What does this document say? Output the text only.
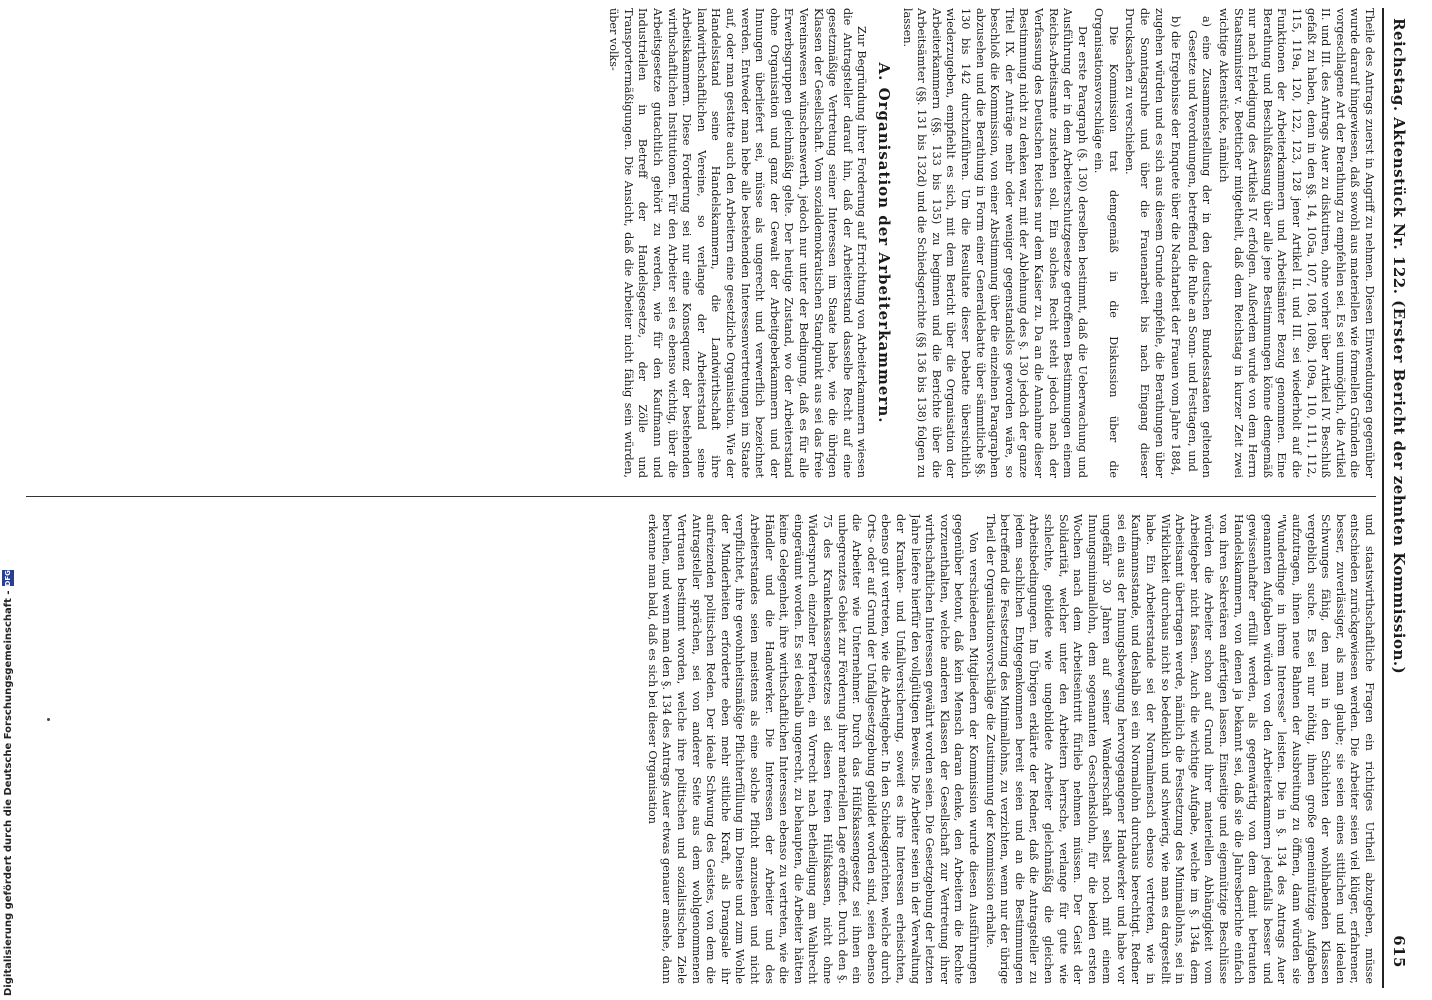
Digitalisierung gefördert durch die Deutsche Forschungsgemeinschaft -
DFG	Reichstag. Aktenstück Nr. 122. (Erster Bericht der zehnten Kommission.)
615

Theile des Antrags zuerst in Angriff zu nehmen. Diesen Einwendungen gegenüber wurde darauf hingewiesen, daß sowohl aus materiellen wie formellen Gründen die vorgeschlagene Art der Berathung zu empfehlen sei. Es sei unmöglich, die Artikel II. und III. des Antrags Auer zu diskutiren, ohne vorher über Artikel IV. Beschluß gefaßt zu haben, denn in den §§. 14, 105a, 107, 108, 108b, 109a, 110, 111, 112, 115, 119a, 120, 122, 123, 128 jener Artikel II. und III. sei wiederholt auf die Funktionen der Arbeiterkammern und Arbeitsämter Bezug genommen. Eine Berathung und Beschlußfassung über alle jene Bestimmungen könne demgemäß nur nach Erledigung des Artikels IV. erfolgen. Außerdem wurde von dem Herrn Staatsminister v. Boetticher mitgetheilt, daß dem Reichstag in kurzer Zeit zwei wichtige Aktenstücke, nämlich

a) eine Zusammenstellung der in den deutschen Bundesstaaten geltenden Gesetze und Verordnungen, betreffend die Ruhe an Sonn- und Festtagen, und

b) die Ergebnisse der Enquete über die Nachtarbeit der Frauen vom Jahre 1884,

zugehen würden und es sich aus diesem Grunde empfehle, die Berathungen über die Sonntagsruhe und über die Frauenarbeit bis nach Eingang dieser Drucksachen zu verschieben.

Die Kommission trat demgemäß in die Diskussion über die Organisationsvorschläge ein.

Der erste Paragraph (§. 130) derselben bestimmt, daß die Ueberwachung und Ausführung der in dem Arbeiterschutzgesetze getroffenen Bestimmungen einem Reichs-Arbeitsamte zustehen soll. Ein solches Recht steht jedoch nach der Verfassung des Deutschen Reiches nur dem Kaiser zu. Da an die Annahme dieser Bestimmung nicht zu denken war, mit der Ablehnung des §. 130 jedoch der ganze Titel IX. der Anträge mehr oder weniger gegenstandslos geworden wäre, so beschloß die Kommission, von einer Abstimmung über die einzelnen Paragraphen abzusehen und die Berathung in Form einer Generaldebatte über sämmtliche §§. 130 bis 142 durchzuführen. Um die Resultate dieser Debatte übersichtlich wiederzugeben, empfiehlt es sich, mit dem Bericht über die Organisation der Arbeiterkammern (§§. 133 bis 135) zu beginnen und die Berichte über die Arbeitsämter (§§. 131 bis 132d) und die Schiedsgerichte (§§ 136 bis 138) folgen zu lassen.

A. Organisation der Arbeiterkammern.

Zur Begründung ihrer Forderung auf Errichtung von Arbeiterkammern wiesen die Antragsteller darauf hin, daß der Arbeiterstand dasselbe Recht auf eine gesetzmäßige Vertretung seiner Interessen im Staate habe, wie die übrigen Klassen der Gesellschaft. Vom sozialdemokratischen Standpunkt aus sei das freie Vereinswesen wünschenswerth, jedoch nur unter der Bedingung, daß es für alle Erwerbsgruppen gleichmäßig gelte. Der heutige Zustand, wo der Arbeiterstand ohne Organisation und ganz der Gewalt der Arbeitgeberkammern und der Innungen überliefert sei, müsse als ungerecht und verwerflich bezeichnet werden. Entweder man hebe alle bestehenden Interessenvertretungen im Staate auf, oder man gestatte auch den Arbeitern eine gesetzliche Organisation. Wie der Handelsstand seine Handelskammern, die Landwirthschaft ihre landwirthschaftlichen Vereine, so verlange der Arbeiterstand seine Arbeitskammern. Diese Forderung sei nur eine Konsequenz der bestehenden wirthschaftlichen Institutionen. Für den Arbeiter sei es ebenso wichtig, über die Arbeitsgesetze gutachtlich gehört zu werden, wie für den Kaufmann und Industriellen in Betreff der Handelsgesetze, der Zölle und Transportermäßigungen. Die Ansicht, daß die Arbeiter nicht fähig sein würden, über volks-

und staatswirthschaftliche Fragen ein richtiges Urtheil abzugeben, müsse entschieden zurückgewiesen werden. Die Arbeiter seien viel klüger, erfahrener, besser, zuverlässiger, als man glaube; sie seien eines sittlichen und idealen Schwunges fähig, den man in den Schichten der wohlhabenden Klassen vergeblich suche. Es sei nur nöthig, ihnen große gemeinnützige Aufgaben aufzutragen, ihnen neue Bahnen der Ausbreitung zu öffnen, dann würden sie "Wunderdinge in ihrem Interesse" leisten. Die in §. 134 des Antrags Auer genannten Aufgaben würden von den Arbeiterkammern jedenfalls besser und gewissenhafter erfüllt werden, als gegenwärtig von dem damit betrauten Handelskammern, von denen ja bekannt sei, daß sie die Jahresberichte einfach von ihren Sekretären anfertigen lassen. Einseitige und eigennützige Beschlüsse würden die Arbeiter schon auf Grund ihrer materiellen Abhängigkeit vom Arbeitgeber nicht fassen. Auch die wichtige Aufgabe, welche im §. 134a dem Arbeitsamt übertragen werde, nämlich die Festsetzung des Minimallohns, sei in Wirklichkeit durchaus nicht so bedenklich und schwierig, wie man es dargestellt habe. Ein Arbeiterstande sei der Normalmensch ebenso vertreten, wie in Kaufmannsstande, und deshalb sei ein Normallohn durchaus berechtigt. Redner sei ein aus der Innungsbewegung hervorgegangener Handwerker und habe vor ungefähr 30 Jahren auf seiner Wanderschaft selbst noch mit einem Innungsminimallohn, dem sogenannten Geschenkslohn, für die beiden ersten Wochen nach dem Arbeitseintritt fürlieb nehmen müssen. Der Geist der Solidarität, welcher unter den Arbeitern herrsche, verlange für gute wie schlechte, gebildete wie ungebildete Arbeiter gleichmäßig die gleichen Arbeitsbedingungen. Im Übrigen erklärte der Redner, daß die Antragsteller zu jedem sachlichen Entgegenkommen bereit seien und an die Bestimmungen betreffend die Festsetzung des Minimallohns, zu verzichten, wenn nur der übrige Theil der Organisationsvorschläge die Zustimmung der Kommission erhalte.

Von verschiedenen Mitgliedern der Kommission wurde diesen Ausführungen gegenüber betont, daß kein Mensch daran denke, den Arbeitern die Rechte vorzuenthalten, welche anderen Klassen der Gesellschaft zur Vertretung ihrer wirthschaftlichen Interessen gewährt worden seien. Die Gesetzgebung der letzten Jahre liefere hierfür den vollgültigen Beweis. Die Arbeiter seien in der Verwaltung der Kranken- und Unfallversicherung, soweit es ihre Interessen erheischten, ebenso gut vertreten, wie die Arbeitgeber. In den Schiedsgerichten, welche durch Orts- oder auf Grund der Unfallgesetzgebung gebildet worden sind, seien ebenso die Arbeiter wie Unternehmer. Durch das Hülfskassengesetz sei ihnen ein unbegrenztes Gebiet zur Förderung ihrer materiellen Lage eröffnet. Durch den §. 75 des Krankenkassengesetzes sei diesen freien Hülfskassen, nicht ohne Widerspruch einzelner Parteien, ein Vorrecht nach Betheiligung am Wahlrecht eingeräumt worden. Es sei deshalb ungerecht, zu behaupten, die Arbeiter hätten keine Gelegenheit, ihre wirthschaftlichen Interessen ebenso zu vertreten, wie die Händler und die Handwerker. Die Interessen der Arbeiter und des Arbeiterstandes seien meistens als eine solche Pflicht anzusehen und nicht verpflichtet, ihre gewohnheitsmäßige Pflichterfüllung im Dienste und zum Wohle der Minderheiten erforderte eben mehr sittliche Kraft, als Drangsale ihr aufreizenden politischen Reden. Der ideale Schwung des Geistes, von dem die Antragsteller sprächen, sei von anderer Seite aus dem wohlgenommenen Vertrauen bestimmt worden, welche ihre politischen und sozialistischen Ziele beruhen, und wenn man den §. 134 des Antrags Auer etwas genauer ansehe, dann erkenne man bald, daß es sich bei dieser Organisation
